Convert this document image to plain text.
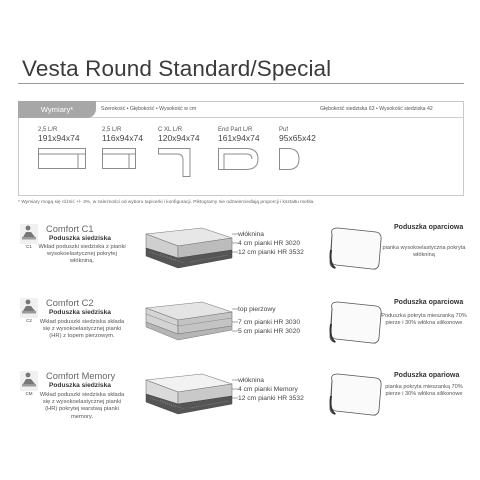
Vesta Round Standard/Special
Wymiary*	Szerokość • Głębokość • Wysokość w cm	Głębokość siedziska 63 • Wysokość siedziska 42
2,5 L/R
191x94x74
2,5 L/R
116x94x74
C XL L/R
120x94x74
End Part L/R
161x94x74
Puf
95x65x42
* Wymiary mogą się różnić +/- 3%, w zależności od wyboru tapicerki i konfiguracji. Piktogramy nie odzwierciedlają proporcji i kształtu mebla.
C1
Comfort C1
Poduszka siedziska
Wkład poduszki siedziska z pianki wysokoelastycznej pokrytej włókniną.
włóknina
4 cm pianki HR 3020
12 cm pianki HR 3532
Poduszka oparciowa
pianka wysokoelastyczna pokryta włókniną
C2
Comfort C2
Poduszka siedziska
Wkład poduszki siedziska składa się z wysokoelastycznej pianki (HR) z topem pierzowym.
top pierzowy
7 cm pianki HR 3030
5 cm pianki HR 3020
Poduszka oparciowa
Poduszka pokryta mieszanką 70% pierze i 30% włókna silikonowe
CM
Comfort Memory
Poduszka siedziska
Wkład poduszki siedziska składa się z wysokoelastycznej pianki (HR) pokrytej warstwą pianki memory.
włóknina
4 cm pianki Memory
12 cm pianki HR 3532
Poduszka opariowa
pianka pokryta mieszanką 70% pierze i 30% włókna silikonowe
